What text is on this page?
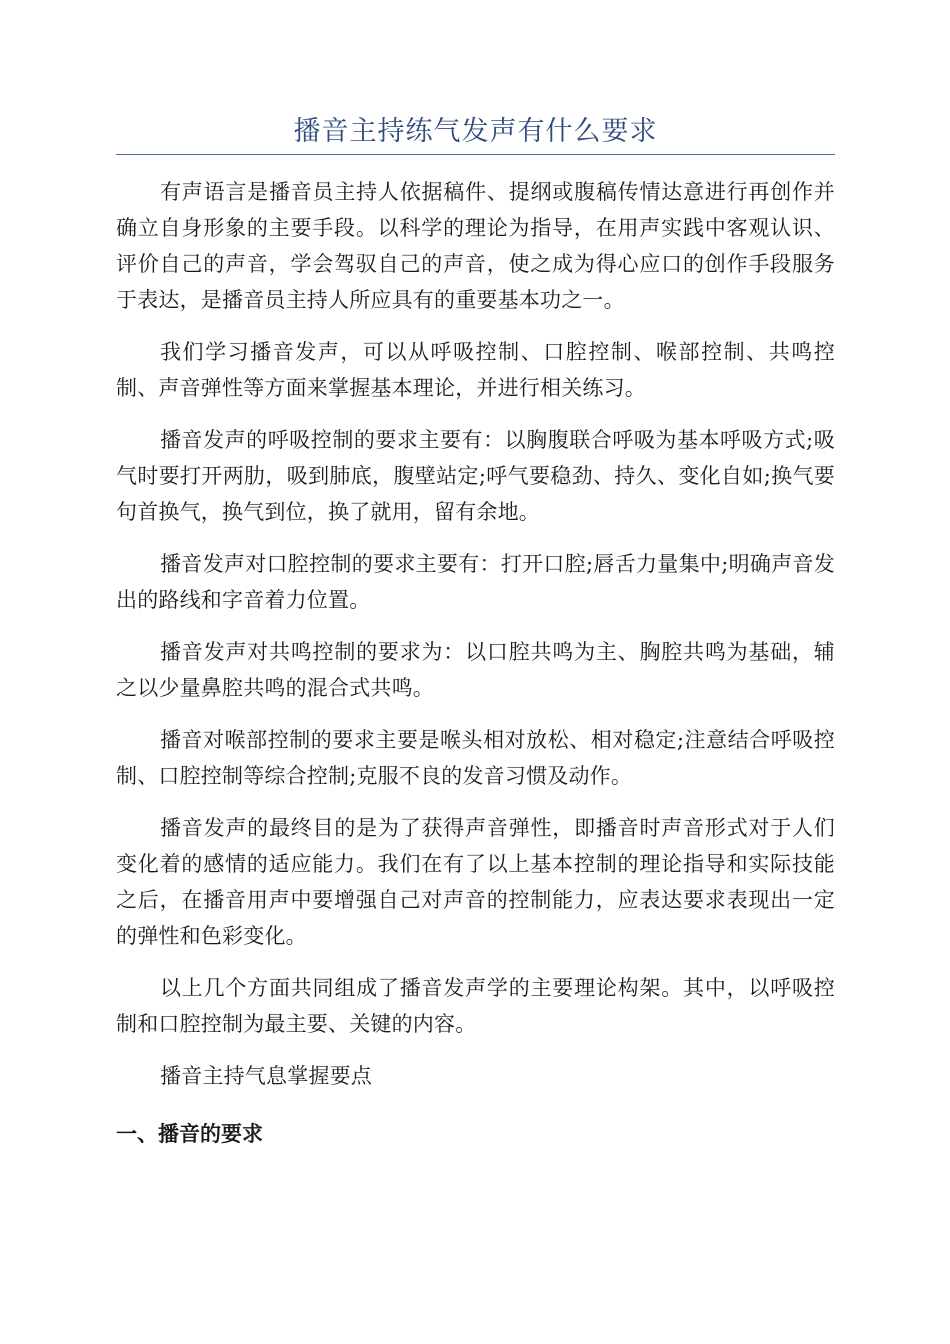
播音主持练气发声有什么要求

有声语言是播音员主持人依据稿件、提纲或腹稿传情达意进行再创作并确立自身形象的主要手段。以科学的理论为指导，在用声实践中客观认识、评价自己的声音，学会驾驭自己的声音，使之成为得心应口的创作手段服务于表达，是播音员主持人所应具有的重要基本功之一。

我们学习播音发声，可以从呼吸控制、口腔控制、喉部控制、共鸣控制、声音弹性等方面来掌握基本理论，并进行相关练习。

播音发声的呼吸控制的要求主要有：以胸腹联合呼吸为基本呼吸方式;吸气时要打开两肋，吸到肺底，腹壁站定;呼气要稳劲、持久、变化自如;换气要句首换气，换气到位，换了就用，留有余地。

播音发声对口腔控制的要求主要有：打开口腔;唇舌力量集中;明确声音发出的路线和字音着力位置。

播音发声对共鸣控制的要求为：以口腔共鸣为主、胸腔共鸣为基础，辅之以少量鼻腔共鸣的混合式共鸣。

播音对喉部控制的要求主要是喉头相对放松、相对稳定;注意结合呼吸控制、口腔控制等综合控制;克服不良的发音习惯及动作。

播音发声的最终目的是为了获得声音弹性，即播音时声音形式对于人们变化着的感情的适应能力。我们在有了以上基本控制的理论指导和实际技能之后，在播音用声中要增强自己对声音的控制能力，应表达要求表现出一定的弹性和色彩变化。

以上几个方面共同组成了播音发声学的主要理论构架。其中，以呼吸控制和口腔控制为最主要、关键的内容。

播音主持气息掌握要点

一、播音的要求
